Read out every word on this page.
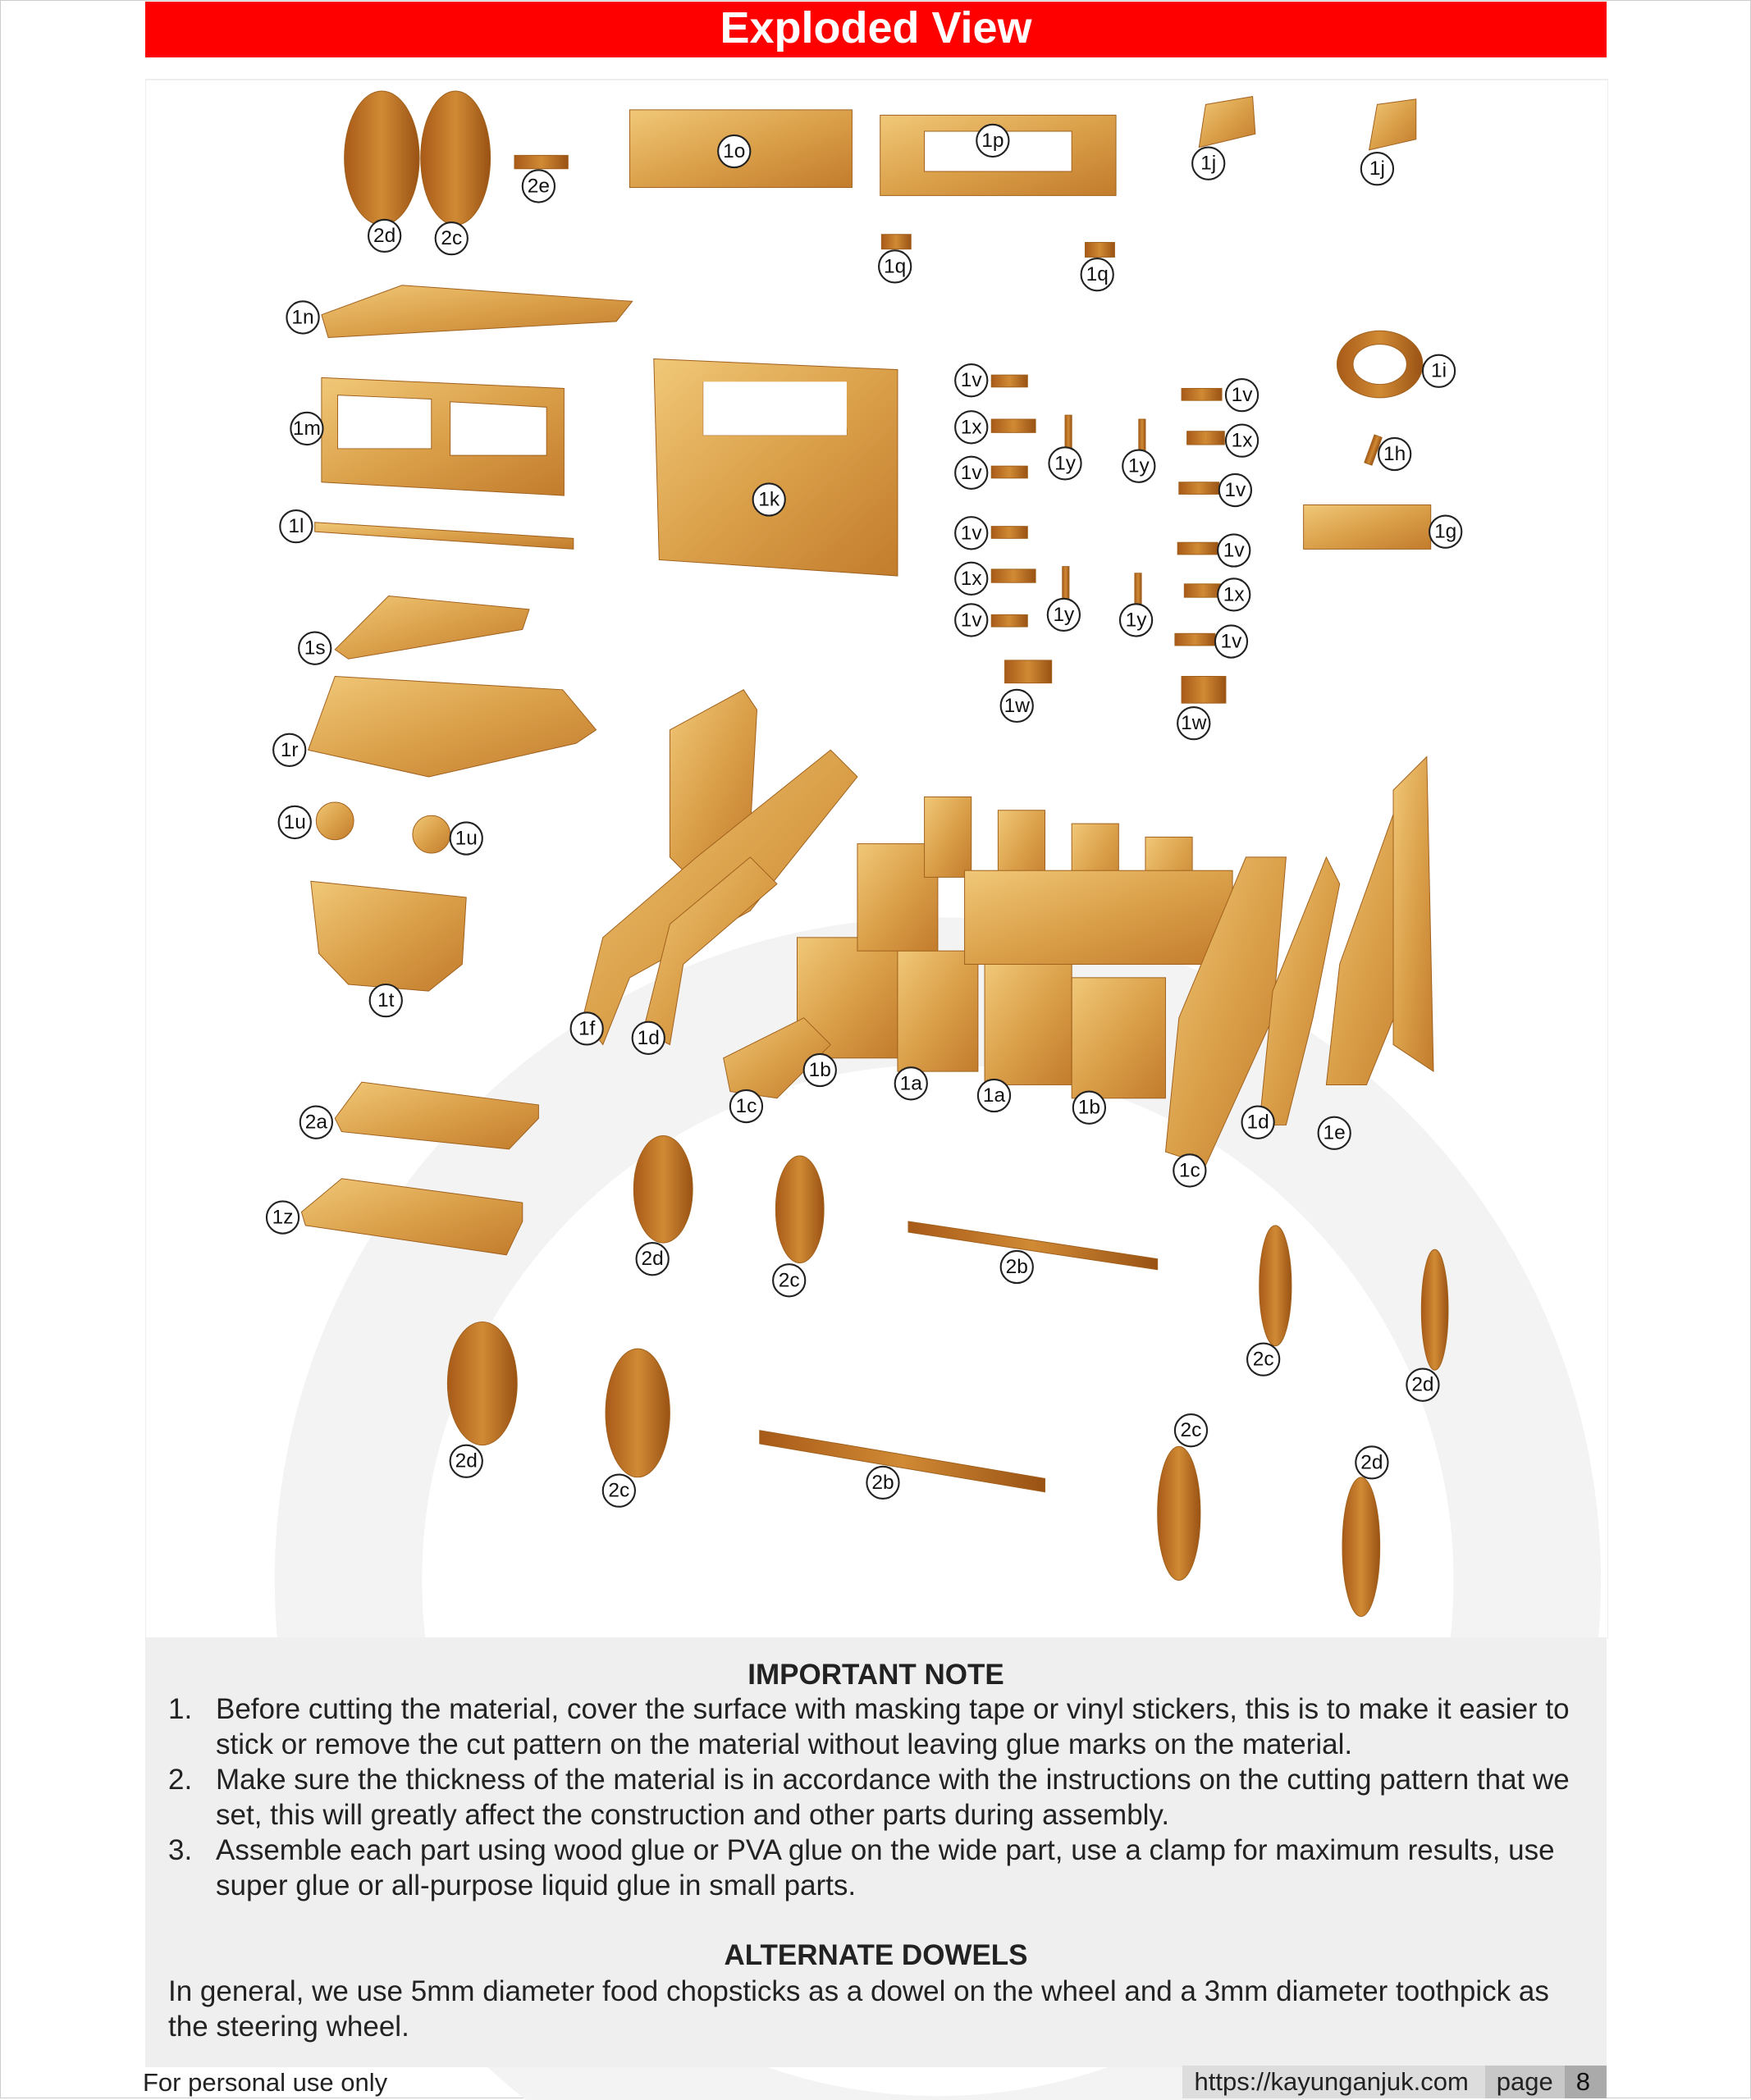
Exploded View
2d	2c
2e
1o	1p
1j	1j
1q	1q
1n
1m
1k
1l
1v
1x
1v	1y	1y
1v
1x
1v
1i
1h
1g
1v
1x
1v	1y	1y
1v
1x
1v
1w
1w
1s
1r
1u
1u
1t
1f	1d
1c
1b
1a
1a
1b
1c
1d	1e
2a
1z
2d
2c
2b
2c
2d
2d
2c	2b
2c
2d
IMPORTANT NOTE
1. Before cutting the material, cover the surface with masking tape or vinyl stickers, this is to make it easier to stick or remove the cut pattern on the material without leaving glue marks on the material.
2. Make sure the thickness of the material is in accordance with the instructions on the cutting pattern that we set, this will greatly affect the construction and other parts during assembly.
3. Assemble each part using wood glue or PVA glue on the wide part, use a clamp for maximum results, use super glue or all-purpose liquid glue in small parts.
ALTERNATE DOWELS
In general, we use 5mm diameter food chopsticks as a dowel on the wheel and a 3mm diameter toothpick as the steering wheel.
For personal use only	https://kayunganjuk.com	page 8
